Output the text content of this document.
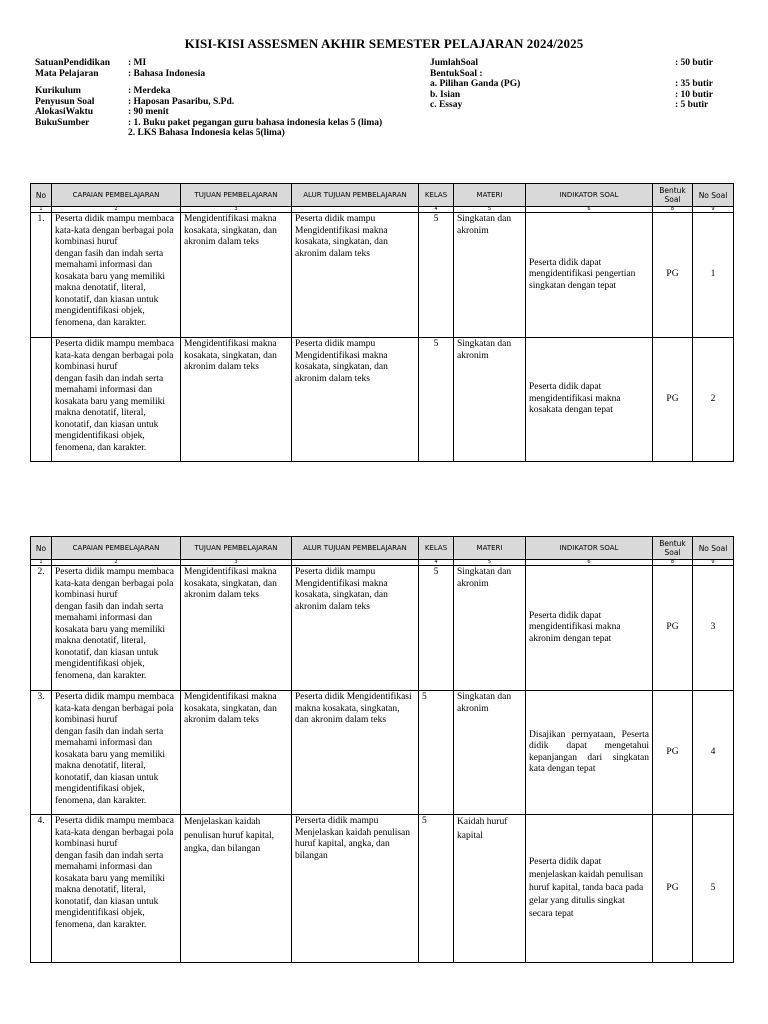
KISI-KISI ASSESMEN AKHIR SEMESTER PELAJARAN 2024/2025
SatuanPendidikan : MI
Mata Pelajaran	: Bahasa Indonesia
Kurikulum	: Merdeka
Penyusun Soal	: Haposan Pasaribu, S.Pd.
AlokasiWaktu	: 90 menit
BukuSumber	: 1. Buku paket pegangan guru bahasa indonesia kelas 5 (lima)
2. LKS Bahasa Indonesia kelas 5(lima)
JumlahSoal	: 50 butir
BentukSoal :
a. Pilihan Ganda (PG)	: 35 butir
b. Isian	: 10 butir
c. Essay	: 5 butir
No	CAPAIAN PEMBELAJARAN	TUJUAN PEMBELAJARAN	ALUR TUJUAN PEMBELAJARAN	KELAS	MATERI	INDIKATOR SOAL	Bentuk Soal	No Soal
1	2	3		4	5	6	8	9
1.	Peserta didik mampu membaca kata-kata dengan berbagai pola kombinasi huruf
dengan fasih dan indah serta memahami informasi dan kosakata baru yang memiliki makna denotatif, literal, konotatif, dan kiasan untuk mengidentifikasi objek, fenomena, dan karakter.	Mengidentifikasi makna kosakata, singkatan, dan akronim dalam teks	Peserta didik mampu Mengidentifikasi makna kosakata, singkatan, dan akronim dalam teks	5	Singkatan dan akronim	Peserta didik dapat mengidentifikasi pengertian singkatan dengan tepat	PG	1
	Peserta didik mampu membaca kata-kata dengan berbagai pola kombinasi huruf
dengan fasih dan indah serta memahami informasi dan kosakata baru yang memiliki makna denotatif, literal, konotatif, dan kiasan untuk mengidentifikasi objek, fenomena, dan karakter.	Mengidentifikasi makna kosakata, singkatan, dan akronim dalam teks	Peserta didik mampu Mengidentifikasi makna kosakata, singkatan, dan akronim dalam teks	5	Singkatan dan akronim	Peserta didik dapat mengidentifikasi makna kosakata dengan tepat	PG	2
No	CAPAIAN PEMBELAJARAN	TUJUAN PEMBELAJARAN	ALUR TUJUAN PEMBELAJARAN	KELAS	MATERI	INDIKATOR SOAL	Bentuk Soal	No Soal
1	2	3		4	5	6	8	9
2.	Peserta didik mampu membaca kata-kata dengan berbagai pola kombinasi huruf
dengan fasih dan indah serta memahami informasi dan kosakata baru yang memiliki makna denotatif, literal, konotatif, dan kiasan untuk mengidentifikasi objek, fenomena, dan karakter.	Mengidentifikasi makna kosakata, singkatan, dan akronim dalam teks	Peserta didik mampu Mengidentifikasi makna kosakata, singkatan, dan akronim dalam teks	5	Singkatan dan akronim	Peserta didik dapat mengidentifikasi makna akronim dengan tepat	PG	3
3.	Peserta didik mampu membaca kata-kata dengan berbagai pola kombinasi huruf
dengan fasih dan indah serta memahami informasi dan kosakata baru yang memiliki makna denotatif, literal, konotatif, dan kiasan untuk mengidentifikasi objek, fenomena, dan karakter.	Mengidentifikasi makna kosakata, singkatan, dan akronim dalam teks	Peserta didik Mengidentifikasi makna kosakata, singkatan, dan akronim dalam teks	5	Singkatan dan akronim	Disajikan pernyataan, Peserta didik dapat mengetahui kepanjangan dari singkatan kata dengan tepat	PG	4
4.	Peserta didik mampu membaca kata-kata dengan berbagai pola kombinasi huruf
dengan fasih dan indah serta memahami informasi dan kosakata baru yang memiliki makna denotatif, literal, konotatif, dan kiasan untuk mengidentifikasi objek, fenomena, dan karakter.	Menjelaskan kaidah penulisan huruf kapital, angka, dan bilangan	Perserta didik mampu Menjelaskan kaidah penulisan huruf kapital, angka, dan bilangan	5	Kaidah huruf kapital	Peserta didik dapat menjelaskan kaidah penulisan huruf kapital, tanda baca pada gelar yang ditulis singkat secara tepat	PG	5
